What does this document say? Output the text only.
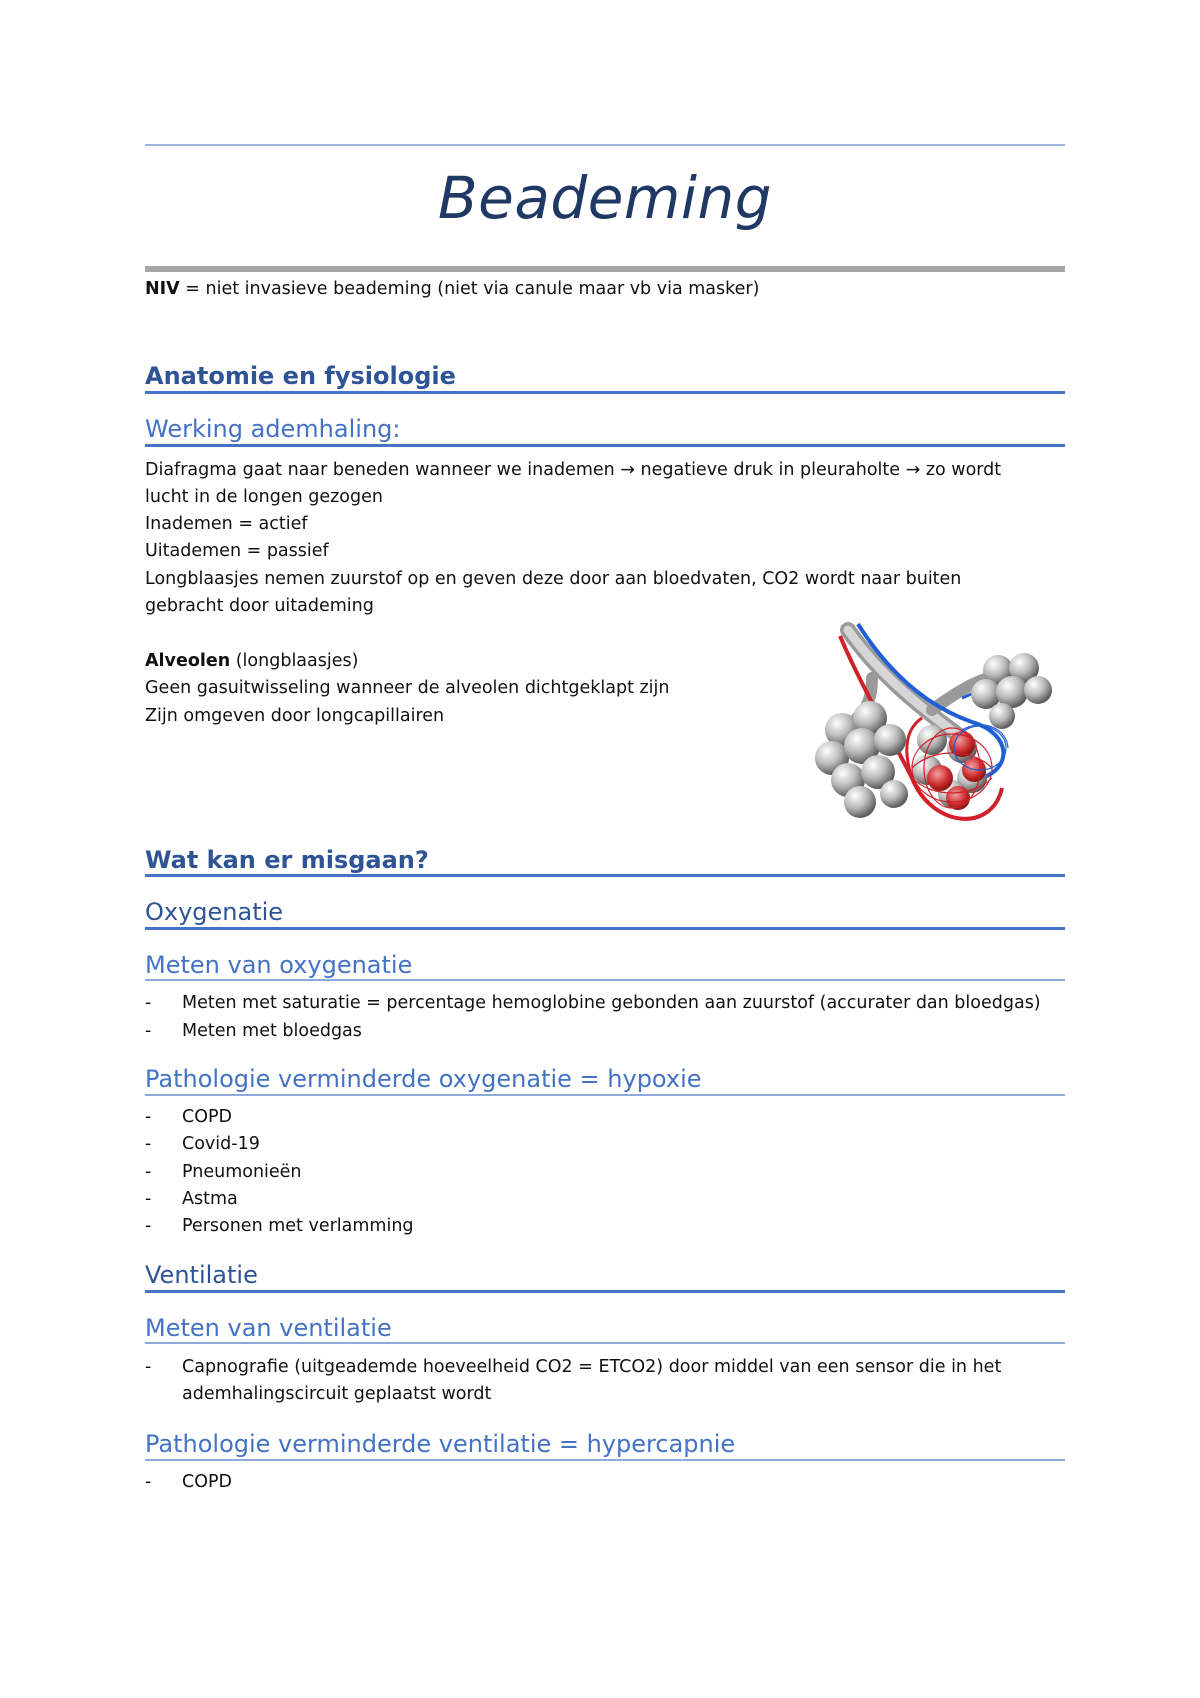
Beademing
NIV = niet invasieve beademing (niet via canule maar vb via masker)
Anatomie en fysiologie
Werking ademhaling:
Diafragma gaat naar beneden wanneer we inademen → negatieve druk in pleuraholte → zo wordt
lucht in de longen gezogen
Inademen = actief
Uitademen = passief
Longblaasjes nemen zuurstof op en geven deze door aan bloedvaten, CO2 wordt naar buiten
gebracht door uitademing
Alveolen (longblaasjes)
Geen gasuitwisseling wanneer de alveolen dichtgeklapt zijn
Zijn omgeven door longcapillairen
Wat kan er misgaan?
Oxygenatie
Meten van oxygenatie
- Meten met saturatie = percentage hemoglobine gebonden aan zuurstof (accurater dan bloedgas)
- Meten met bloedgas
Pathologie verminderde oxygenatie = hypoxie
- COPD
- Covid-19
- Pneumonieën
- Astma
- Personen met verlamming
Ventilatie
Meten van ventilatie
- Capnografie (uitgeademde hoeveelheid CO2 = ETCO2) door middel van een sensor die in het
ademhalingscircuit geplaatst wordt
Pathologie verminderde ventilatie = hypercapnie
- COPD
